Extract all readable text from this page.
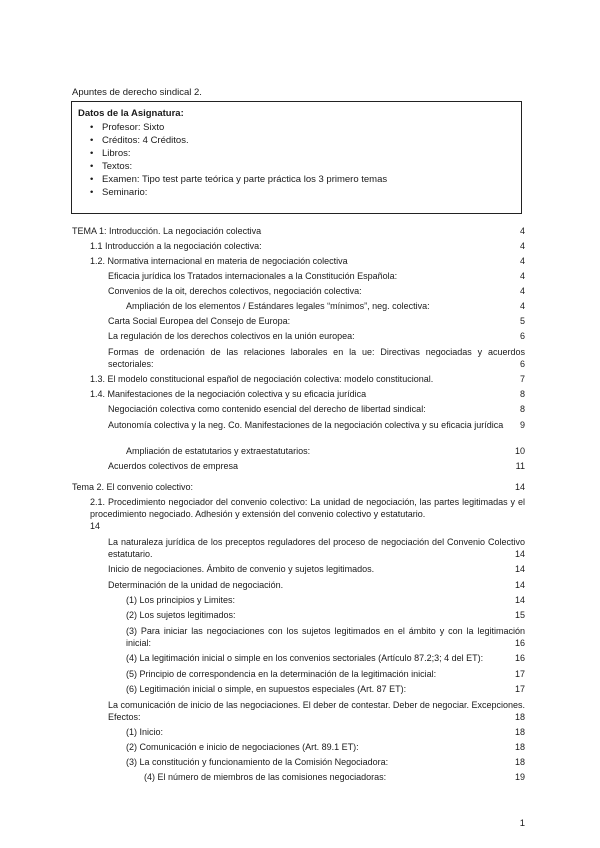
Apuntes de derecho sindical 2.
Datos de la Asignatura:
• Profesor: Sixto
• Créditos: 4 Créditos.
• Libros:
• Textos:
• Examen: Tipo test parte teórica y parte práctica los 3 primero temas
• Seminario:
TEMA 1: Introducción. La negociación colectiva	4
1.1 Introducción a la negociación colectiva:	4
1.2. Normativa internacional en materia de negociación colectiva	4
Eficacia jurídica los Tratados internacionales a la Constitución Española:	4
Convenios de la oit, derechos colectivos, negociación colectiva:	4
Ampliación de los elementos / Estándares legales “mínimos”, neg. colectiva:	4
Carta Social Europea del Consejo de Europa:	5
La regulación de los derechos colectivos en la unión europea:	6
Formas de ordenación de las relaciones laborales en la ue: Directivas negociadas y acuerdos sectoriales:	6
1.3. El modelo constitucional español de negociación colectiva: modelo constitucional.	7
1.4. Manifestaciones de la negociación colectiva y su eficacia jurídica	8
Negociación colectiva como contenido esencial del derecho de libertad sindical:	8
Autonomía colectiva y la neg. Co. Manifestaciones de la negociación colectiva y su eficacia jurídica	9
Ampliación de estatutarios y extraestatutarios:	10
Acuerdos colectivos de empresa	11
Tema 2. El convenio colectivo:	14
2.1. Procedimiento negociador del convenio colectivo: La unidad de negociación, las partes legitimadas y el procedimiento negociado. Adhesión y extensión del convenio colectivo y estatutario.
14
La naturaleza jurídica de los preceptos reguladores del proceso de negociación del Convenio Colectivo estatutario.	14
Inicio de negociaciones. Ámbito de convenio y sujetos legitimados.	14
Determinación de la unidad de negociación.	14
(1) Los principios y Limites:	14
(2) Los sujetos legitimados:	15
(3) Para iniciar las negociaciones con los sujetos legitimados en el ámbito y con la legitimación inicial:	16
(4) La legitimación inicial o simple en los convenios sectoriales (Artículo 87.2;3; 4 del ET):	16
(5) Principio de correspondencia en la determinación de la legitimación inicial:	17
(6) Legitimación inicial o simple, en supuestos especiales (Art. 87 ET):	17
La comunicación de inicio de las negociaciones. El deber de contestar. Deber de negociar. Excepciones. Efectos:	18
(1) Inicio:	18
(2) Comunicación e inicio de negociaciones (Art. 89.1 ET):	18
(3) La constitución y funcionamiento de la Comisión Negociadora:	18
(4) El número de miembros de las comisiones negociadoras:	19
1
